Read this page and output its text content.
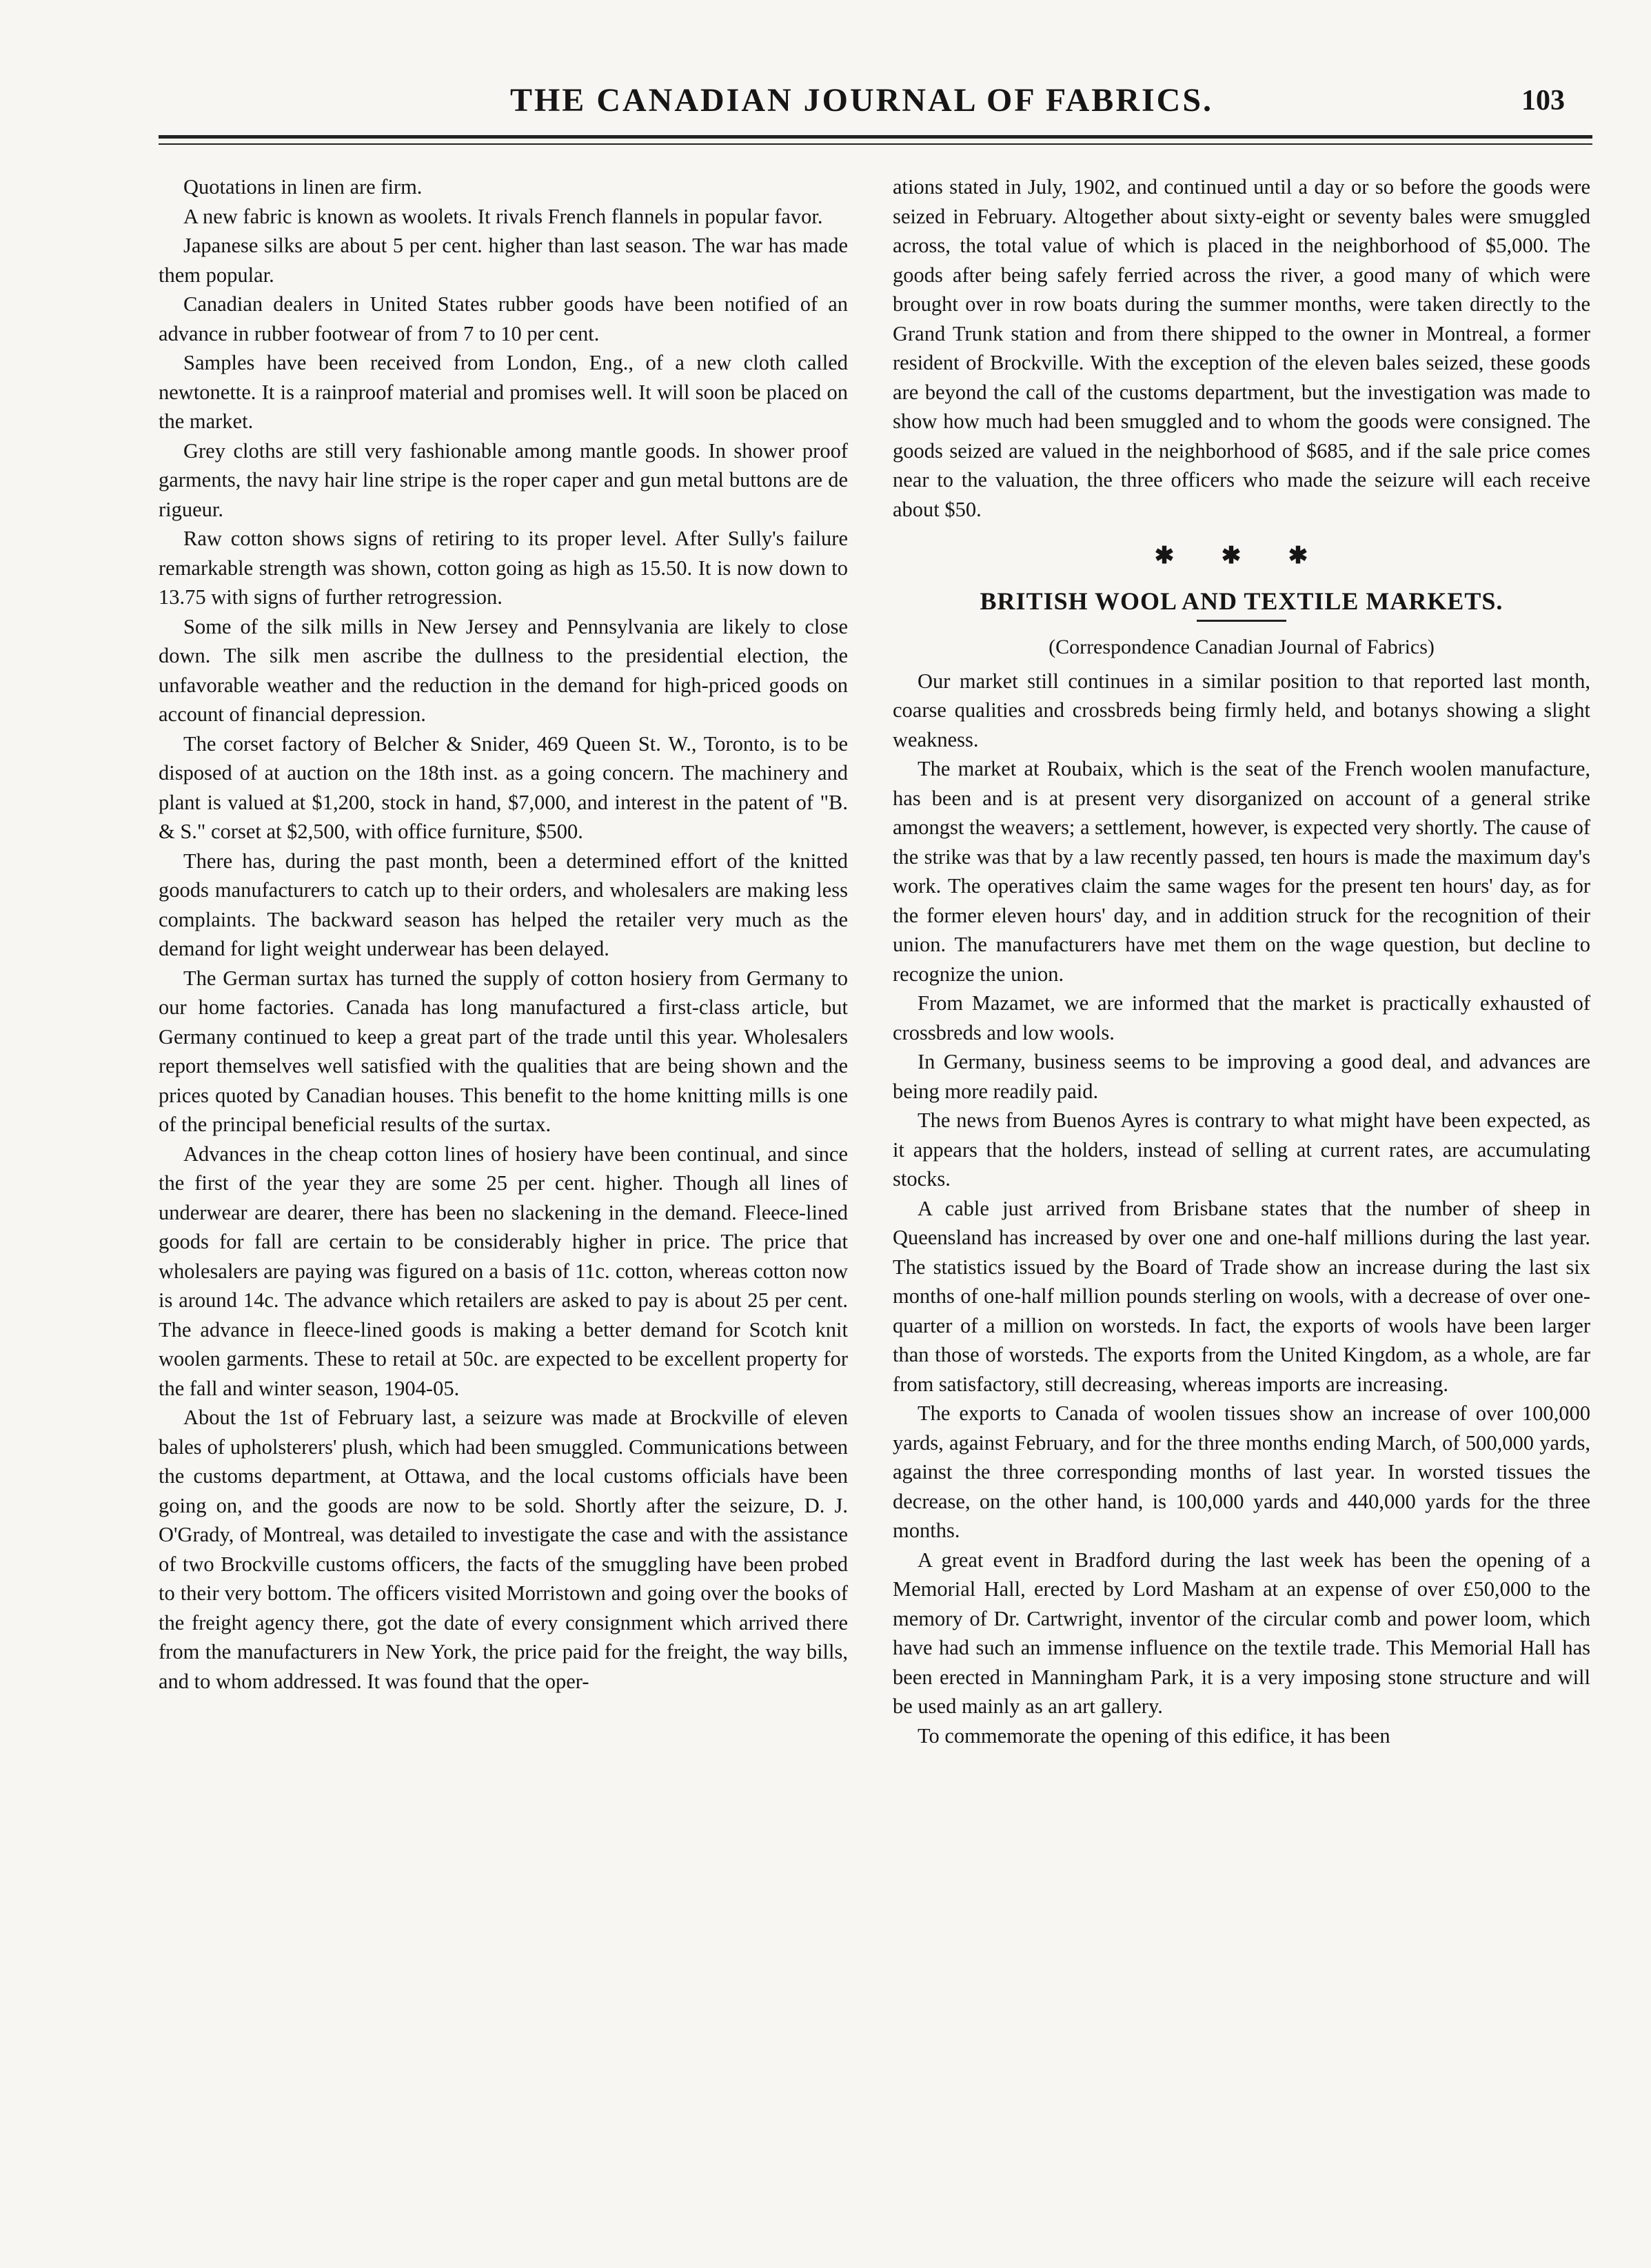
THE CANADIAN JOURNAL OF FABRICS.	103

Quotations in linen are firm.

A new fabric is known as woolets. It rivals French flannels in popular favor.

Japanese silks are about 5 per cent. higher than last season. The war has made them popular.

Canadian dealers in United States rubber goods have been notified of an advance in rubber footwear of from 7 to 10 per cent.

Samples have been received from London, Eng., of a new cloth called newtonette. It is a rainproof material and promises well. It will soon be placed on the market.

Grey cloths are still very fashionable among mantle goods. In shower proof garments, the navy hair line stripe is the roper caper and gun metal buttons are de rigueur.

Raw cotton shows signs of retiring to its proper level. After Sully's failure remarkable strength was shown, cotton going as high as 15.50. It is now down to 13.75 with signs of further retrogression.

Some of the silk mills in New Jersey and Pennsylvania are likely to close down. The silk men ascribe the dullness to the presidential election, the unfavorable weather and the reduction in the demand for high-priced goods on account of financial depression.

The corset factory of Belcher & Snider, 469 Queen St. W., Toronto, is to be disposed of at auction on the 18th inst. as a going concern. The machinery and plant is valued at $1,200, stock in hand, $7,000, and interest in the patent of "B. & S." corset at $2,500, with office furniture, $500.

There has, during the past month, been a determined effort of the knitted goods manufacturers to catch up to their orders, and wholesalers are making less complaints. The backward season has helped the retailer very much as the demand for light weight underwear has been delayed.

The German surtax has turned the supply of cotton hosiery from Germany to our home factories. Canada has long manufactured a first-class article, but Germany continued to keep a great part of the trade until this year. Wholesalers report themselves well satisfied with the qualities that are being shown and the prices quoted by Canadian houses. This benefit to the home knitting mills is one of the principal beneficial results of the surtax.

Advances in the cheap cotton lines of hosiery have been continual, and since the first of the year they are some 25 per cent. higher. Though all lines of underwear are dearer, there has been no slackening in the demand. Fleece-lined goods for fall are certain to be considerably higher in price. The price that wholesalers are paying was figured on a basis of 11c. cotton, whereas cotton now is around 14c. The advance which retailers are asked to pay is about 25 per cent. The advance in fleece-lined goods is making a better demand for Scotch knit woolen garments. These to retail at 50c. are expected to be excellent property for the fall and winter season, 1904-05.

About the 1st of February last, a seizure was made at Brockville of eleven bales of upholsterers' plush, which had been smuggled. Communications between the customs department, at Ottawa, and the local customs officials have been going on, and the goods are now to be sold. Shortly after the seizure, D. J. O'Grady, of Montreal, was detailed to investigate the case and with the assistance of two Brockville customs officers, the facts of the smuggling have been probed to their very bottom. The officers visited Morristown and going over the books of the freight agency there, got the date of every consignment which arrived there from the manufacturers in New York, the price paid for the freight, the way bills, and to whom addressed. It was found that the oper-

ations stated in July, 1902, and continued until a day or so before the goods were seized in February. Altogether about sixty-eight or seventy bales were smuggled across, the total value of which is placed in the neighborhood of $5,000. The goods after being safely ferried across the river, a good many of which were brought over in row boats during the summer months, were taken directly to the Grand Trunk station and from there shipped to the owner in Montreal, a former resident of Brockville. With the exception of the eleven bales seized, these goods are beyond the call of the customs department, but the investigation was made to show how much had been smuggled and to whom the goods were consigned. The goods seized are valued in the neighborhood of $685, and if the sale price comes near to the valuation, the three officers who made the seizure will each receive about $50.

✱ ✱ ✱
BRITISH WOOL AND TEXTILE MARKETS.
(Correspondence Canadian Journal of Fabrics)

Our market still continues in a similar position to that reported last month, coarse qualities and crossbreds being firmly held, and botanys showing a slight weakness.

The market at Roubaix, which is the seat of the French woolen manufacture, has been and is at present very disorganized on account of a general strike amongst the weavers; a settlement, however, is expected very shortly. The cause of the strike was that by a law recently passed, ten hours is made the maximum day's work. The operatives claim the same wages for the present ten hours' day, as for the former eleven hours' day, and in addition struck for the recognition of their union. The manufacturers have met them on the wage question, but decline to recognize the union.

From Mazamet, we are informed that the market is practically exhausted of crossbreds and low wools.

In Germany, business seems to be improving a good deal, and advances are being more readily paid.

The news from Buenos Ayres is contrary to what might have been expected, as it appears that the holders, instead of selling at current rates, are accumulating stocks.

A cable just arrived from Brisbane states that the number of sheep in Queensland has increased by over one and one-half millions during the last year. The statistics issued by the Board of Trade show an increase during the last six months of one-half million pounds sterling on wools, with a decrease of over one-quarter of a million on worsteds. In fact, the exports of wools have been larger than those of worsteds. The exports from the United Kingdom, as a whole, are far from satisfactory, still decreasing, whereas imports are increasing.

The exports to Canada of woolen tissues show an increase of over 100,000 yards, against February, and for the three months ending March, of 500,000 yards, against the three corresponding months of last year. In worsted tissues the decrease, on the other hand, is 100,000 yards and 440,000 yards for the three months.

A great event in Bradford during the last week has been the opening of a Memorial Hall, erected by Lord Masham at an expense of over £50,000 to the memory of Dr. Cartwright, inventor of the circular comb and power loom, which have had such an immense influence on the textile trade. This Memorial Hall has been erected in Manningham Park, it is a very imposing stone structure and will be used mainly as an art gallery.

To commemorate the opening of this edifice, it has been
